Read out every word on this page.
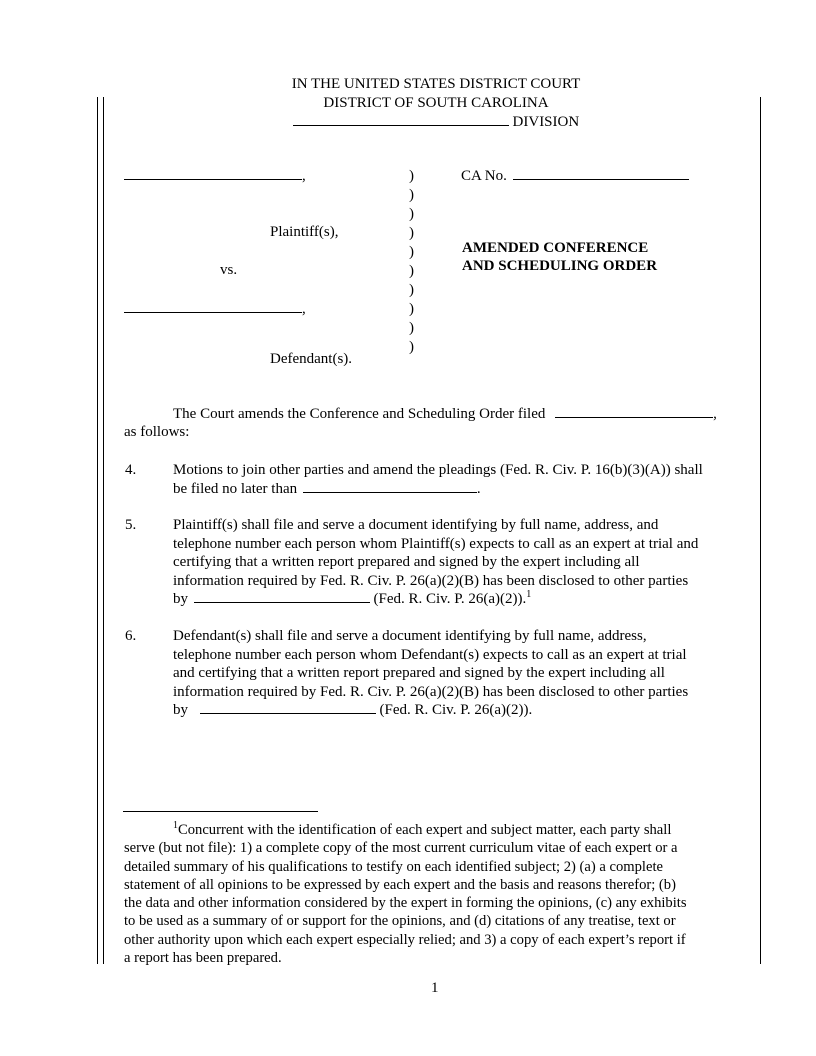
IN THE UNITED STATES DISTRICT COURT
DISTRICT OF SOUTH CAROLINA
DIVISION
,
Plaintiff(s),
vs.
,
Defendant(s).
)
)
)
)
)
)
)
)
)
)
CA No.
AMENDED CONFERENCE
AND SCHEDULING ORDER
The Court amends the Conference and Scheduling Order filed	,
as follows:
4. Motions to join other parties and amend the pleadings (Fed. R. Civ. P. 16(b)(3)(A)) shall
be filed no later than	.
5. Plaintiff(s) shall file and serve a document identifying by full name, address, and
telephone number each person whom Plaintiff(s) expects to call as an expert at trial and
certifying that a written report prepared and signed by the expert including all
information required by Fed. R. Civ. P. 26(a)(2)(B) has been disclosed to other parties
by	(Fed. R. Civ. P. 26(a)(2)).$^1$
6. Defendant(s) shall file and serve a document identifying by full name, address,
telephone number each person whom Defendant(s) expects to call as an expert at trial
and certifying that a written report prepared and signed by the expert including all
information required by Fed. R. Civ. P. 26(a)(2)(B) has been disclosed to other parties
by	(Fed. R. Civ. P. 26(a)(2)).
$^1$Concurrent with the identification of each expert and subject matter, each party shall
serve (but not file): 1) a complete copy of the most current curriculum vitae of each expert or a
detailed summary of his qualifications to testify on each identified subject; 2) (a) a complete
statement of all opinions to be expressed by each expert and the basis and reasons therefor; (b)
the data and other information considered by the expert in forming the opinions, (c) any exhibits
to be used as a summary of or support for the opinions, and (d) citations of any treatise, text or
other authority upon which each expert especially relied; and 3) a copy of each expert’s report if
a report has been prepared.
1
